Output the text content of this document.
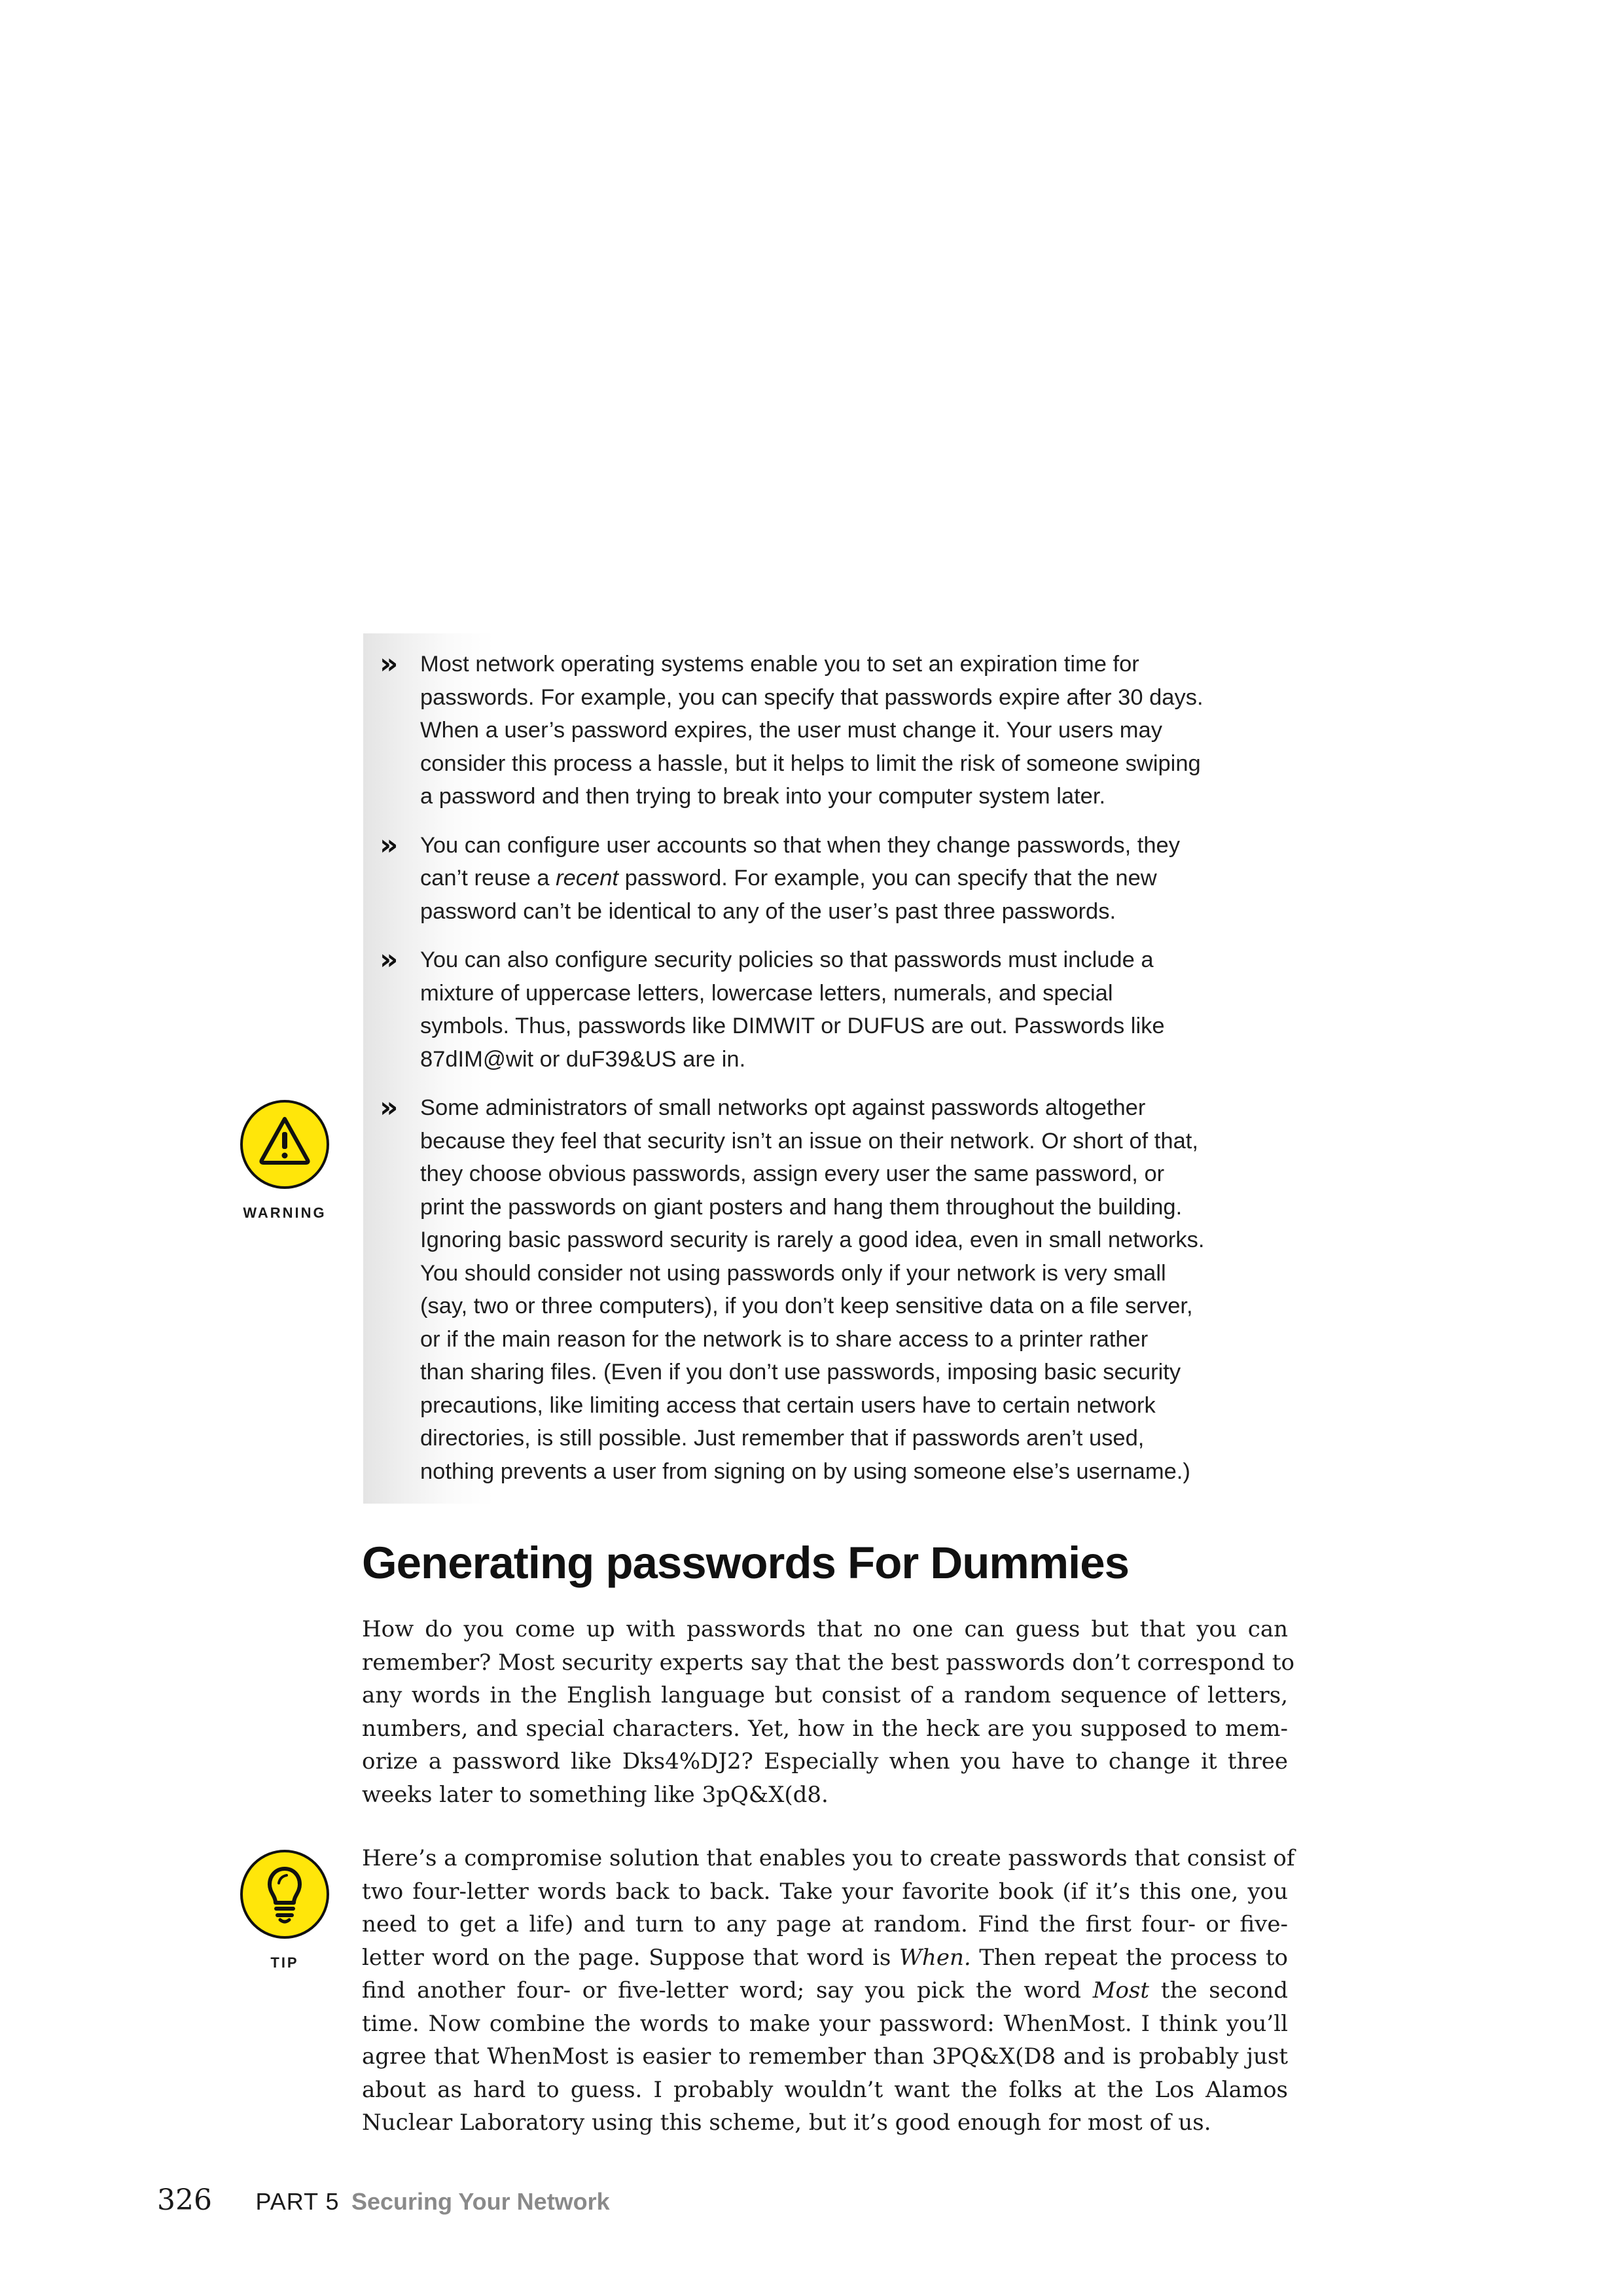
» Most network operating systems enable you to set an expiration time for
passwords. For example, you can specify that passwords expire after 30 days.
When a user’s password expires, the user must change it. Your users may
consider this process a hassle, but it helps to limit the risk of someone swiping
a password and then trying to break into your computer system later.
» You can configure user accounts so that when they change passwords, they
can’t reuse a recent password. For example, you can specify that the new
password can’t be identical to any of the user’s past three passwords.
» You can also configure security policies so that passwords must include a
mixture of uppercase letters, lowercase letters, numerals, and special
symbols. Thus, passwords like DIMWIT or DUFUS are out. Passwords like
87dIM@wit or duF39&US are in.
» Some administrators of small networks opt against passwords altogether
because they feel that security isn’t an issue on their network. Or short of that,
they choose obvious passwords, assign every user the same password, or
print the passwords on giant posters and hang them throughout the building.
Ignoring basic password security is rarely a good idea, even in small networks.
You should consider not using passwords only if your network is very small
(say, two or three computers), if you don’t keep sensitive data on a file server,
or if the main reason for the network is to share access to a printer rather
than sharing files. (Even if you don’t use passwords, imposing basic security
precautions, like limiting access that certain users have to certain network
directories, is still possible. Just remember that if passwords aren’t used,
nothing prevents a user from signing on by using someone else’s username.)
WARNING
Generating passwords For Dummies

How do you come up with passwords that no one can guess but that you can
remember? Most security experts say that the best passwords don’t correspond to
any words in the English language but consist of a random sequence of letters,
numbers, and special characters. Yet, how in the heck are you supposed to mem-
orize a password like Dks4%DJ2? Especially when you have to change it three
weeks later to something like 3pQ&X(d8.

TIP

Here’s a compromise solution that enables you to create passwords that consist of
two four-letter words back to back. Take your favorite book (if it’s this one, you
need to get a life) and turn to any page at random. Find the first four- or five-
letter word on the page. Suppose that word is When. Then repeat the process to
find another four- or five-letter word; say you pick the word Most the second
time. Now combine the words to make your password: WhenMost. I think you’ll
agree that WhenMost is easier to remember than 3PQ&X(D8 and is probably just
about as hard to guess. I probably wouldn’t want the folks at the Los Alamos
Nuclear Laboratory using this scheme, but it’s good enough for most of us.

326 PART 5 Securing Your Network
